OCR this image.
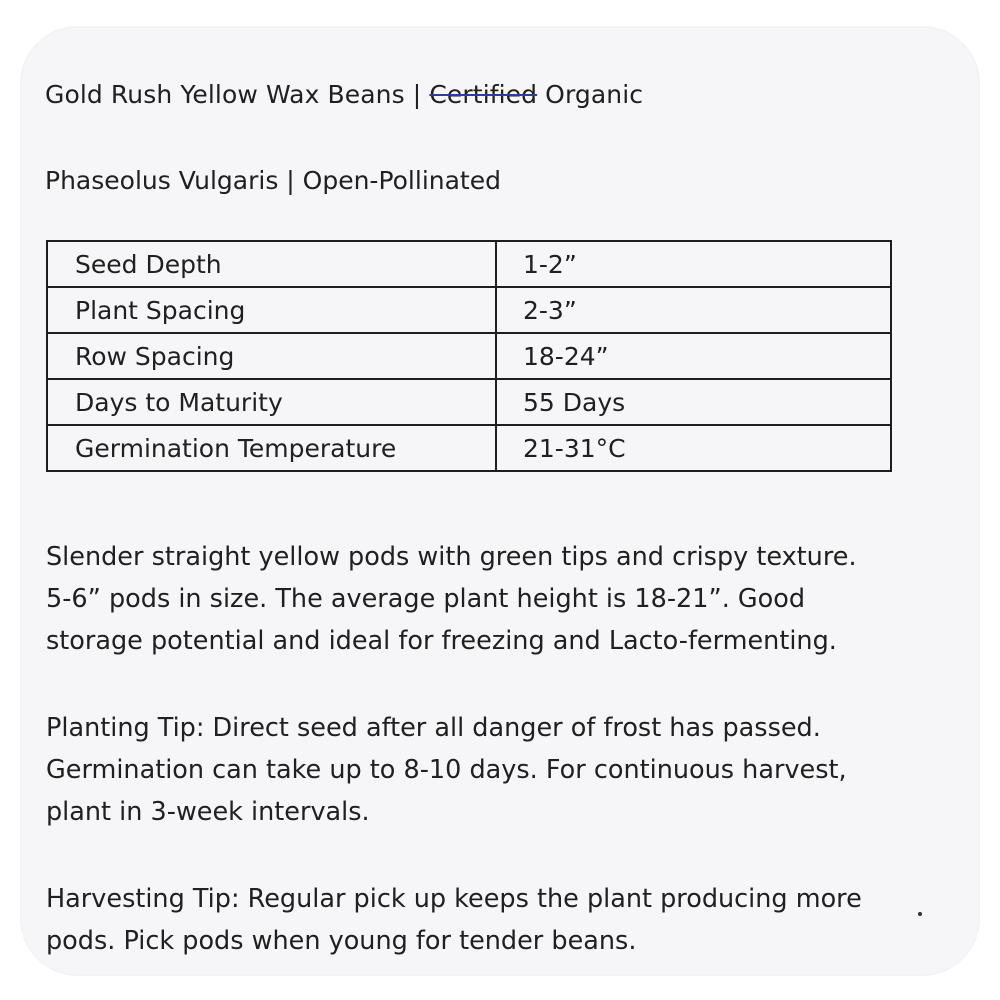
Gold Rush Yellow Wax Beans | Certified Organic
Phaseolus Vulgaris | Open-Pollinated
Seed Depth	1-2”
Plant Spacing	2-3”
Row Spacing	18-24”
Days to Maturity	55 Days
Germination Temperature	21-31°C
Slender straight yellow pods with green tips and crispy texture.
5-6” pods in size. The average plant height is 18-21”. Good
storage potential and ideal for freezing and Lacto-fermenting.
Planting Tip: Direct seed after all danger of frost has passed.
Germination can take up to 8-10 days. For continuous harvest,
plant in 3-week intervals.
Harvesting Tip: Regular pick up keeps the plant producing more
pods. Pick pods when young for tender beans.
